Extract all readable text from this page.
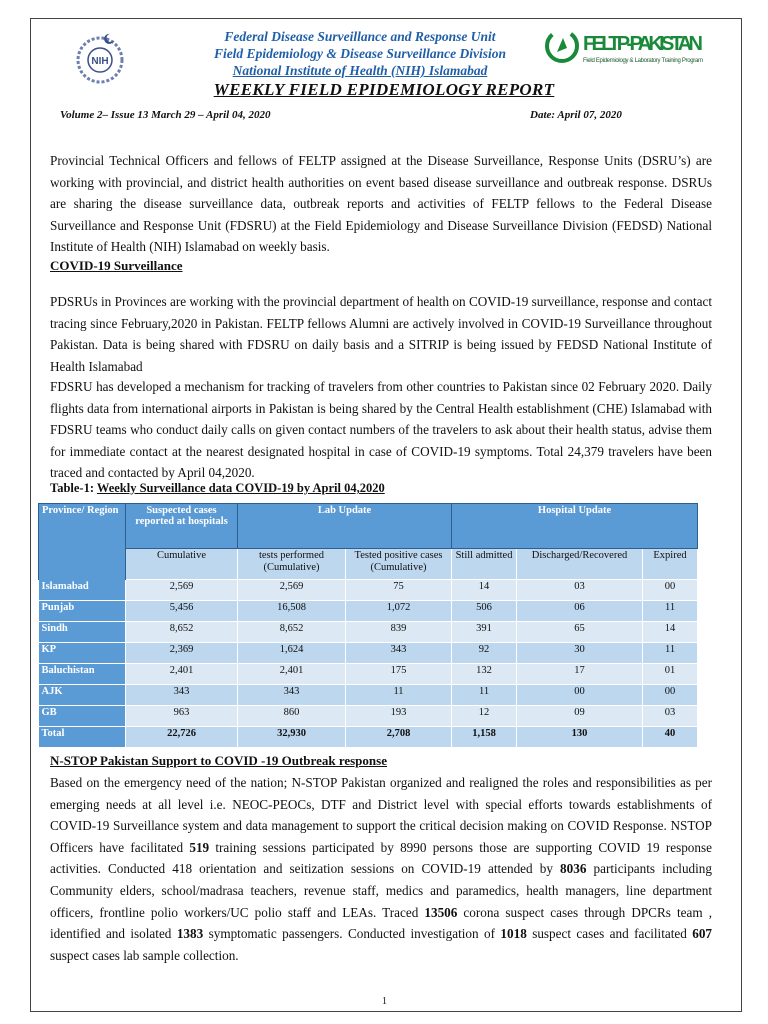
NIH
Federal Disease Surveillance and Response Unit
Field Epidemiology & Disease Surveillance Division
National Institute of Health (NIH) Islamabad
FELTP-PAKISTAN
Field Epidemiology & Laboratory Training Program
WEEKLY FIELD EPIDEMIOLOGY REPORT
Volume 2– Issue 13 March 29 – April 04, 2020	Date: April 07, 2020
Provincial Technical Officers and fellows of FELTP assigned at the Disease Surveillance, Response Units (DSRU’s) are working with provincial, and district health authorities on event based disease surveillance and outbreak response. DSRUs are sharing the disease surveillance data, outbreak reports and activities of FELTP fellows to the Federal Disease Surveillance and Response Unit (FDSRU) at the Field Epidemiology and Disease Surveillance Division (FEDSD) National Institute of Health (NIH) Islamabad on weekly basis.
COVID-19 Surveillance
PDSRUs in Provinces are working with the provincial department of health on COVID-19 surveillance, response and contact tracing since February,2020 in Pakistan. FELTP fellows Alumni are actively involved in COVID-19 Surveillance throughout Pakistan. Data is being shared with FDSRU on daily basis and a SITRIP is being issued by FEDSD National Institute of Health Islamabad
FDSRU has developed a mechanism for tracking of travelers from other countries to Pakistan since 02 February 2020. Daily flights data from international airports in Pakistan is being shared by the Central Health establishment (CHE) Islamabad with FDSRU teams who conduct daily calls on given contact numbers of the travelers to ask about their health status, advise them for immediate contact at the nearest designated hospital in case of COVID-19 symptoms. Total 24,379 travelers have been traced and contacted by April 04,2020.
Table-1: Weekly Surveillance data COVID-19 by April 04,2020
Province/ Region	Suspected cases reported at hospitals	Lab Update		Hospital Update		
	Cumulative	tests performed (Cumulative)	Tested positive cases (Cumulative)	Still admitted	Discharged/Recovered	Expired
Islamabad	2,569	2,569	75	14	03	00
Punjab	5,456	16,508	1,072	506	06	11
Sindh	8,652	8,652	839	391	65	14
KP	2,369	1,624	343	92	30	11
Baluchistan	2,401	2,401	175	132	17	01
AJK	343	343	11	11	00	00
GB	963	860	193	12	09	03
Total	22,726	32,930	2,708	1,158	130	40
N-STOP Pakistan Support to COVID -19 Outbreak response
Based on the emergency need of the nation; N-STOP Pakistan organized and realigned the roles and responsibilities as per emerging needs at all level i.e. NEOC-PEOCs, DTF and District level with special efforts towards establishments of COVID-19 Surveillance system and data management to support the critical decision making on COVID Response. NSTOP Officers have facilitated 519 training sessions participated by 8990 persons those are supporting COVID 19 response activities. Conducted 418 orientation and seitization sessions on COVID-19 attended by 8036 participants including Community elders, school/madrasa teachers, revenue staff, medics and paramedics, health managers, line department officers, frontline polio workers/UC polio staff and LEAs. Traced 13506 corona suspect cases through DPCRs team , identified and isolated 1383 symptomatic passengers. Conducted investigation of 1018 suspect cases and facilitated 607 suspect cases lab sample collection.
1
